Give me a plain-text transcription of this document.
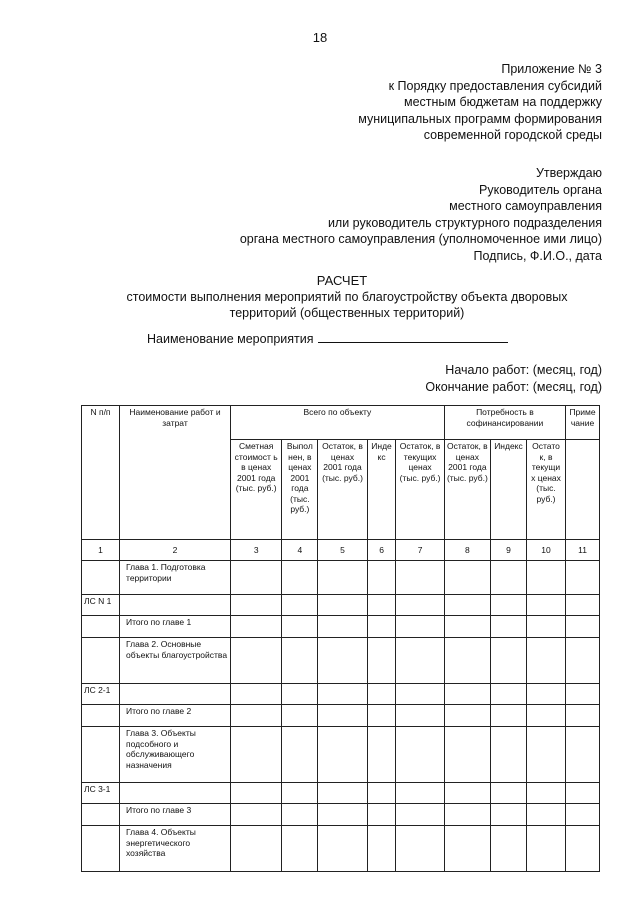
18
Приложение № 3
к Порядку предоставления субсидий
местным бюджетам на поддержку
муниципальных программ формирования
современной городской среды
Утверждаю
Руководитель органа
местного самоуправления
или руководитель структурного подразделения
органа местного самоуправления (уполномоченное ими лицо)
Подпись, Ф.И.О., дата
РАСЧЕТ
стоимости выполнения мероприятий по благоустройству объекта дворовых территорий (общественных территорий)
Наименование мероприятия
Начало работ: (месяц, год)
Окончание работ: (месяц, год)
N п/п	Наименование работ и затрат	Всего по объекту					Потребность в софинансировании			Приме чание
		Сметная стоимост ь в ценах 2001 года (тыс. руб.)	Выпол нен, в ценах 2001 года (тыс. руб.)	Остаток, в ценах 2001 года (тыс. руб.)	Инде кс	Остаток, в текущих ценах (тыс. руб.)	Остаток, в ценах 2001 года (тыс. руб.)	Индекс	Остато к, в текущи х ценах (тыс. руб.)	
1	2	3	4	5	6	7	8	9	10	11
	Глава 1. Подготовка территории									
ЛС N 1										
	Итого по главе 1									
	Глава 2. Основные объекты благоустройства									
ЛС 2-1										
	Итого по главе 2									
	Глава 3. Объекты подсобного и обслуживающего назначения									
ЛС 3-1										
	Итого по главе 3									
	Глава 4. Объекты энергетического хозяйства									
